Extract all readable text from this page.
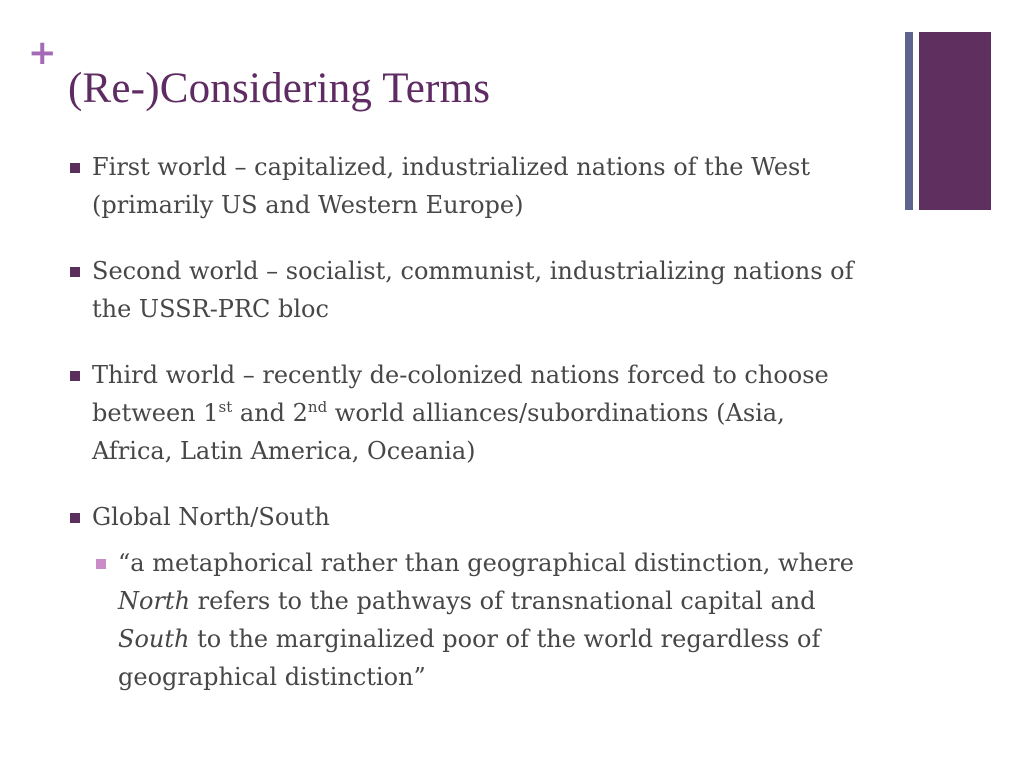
+
(Re-)Considering Terms
First world – capitalized, industrialized nations of the West (primarily US and Western Europe)
Second world – socialist, communist, industrializing nations of the USSR-PRC bloc
Third world – recently de-colonized nations forced to choose between 1st and 2nd world alliances/subordinations (Asia, Africa, Latin America, Oceania)
Global North/South
“a metaphorical rather than geographical distinction, where North refers to the pathways of transnational capital and South to the marginalized poor of the world regardless of geographical distinction”
